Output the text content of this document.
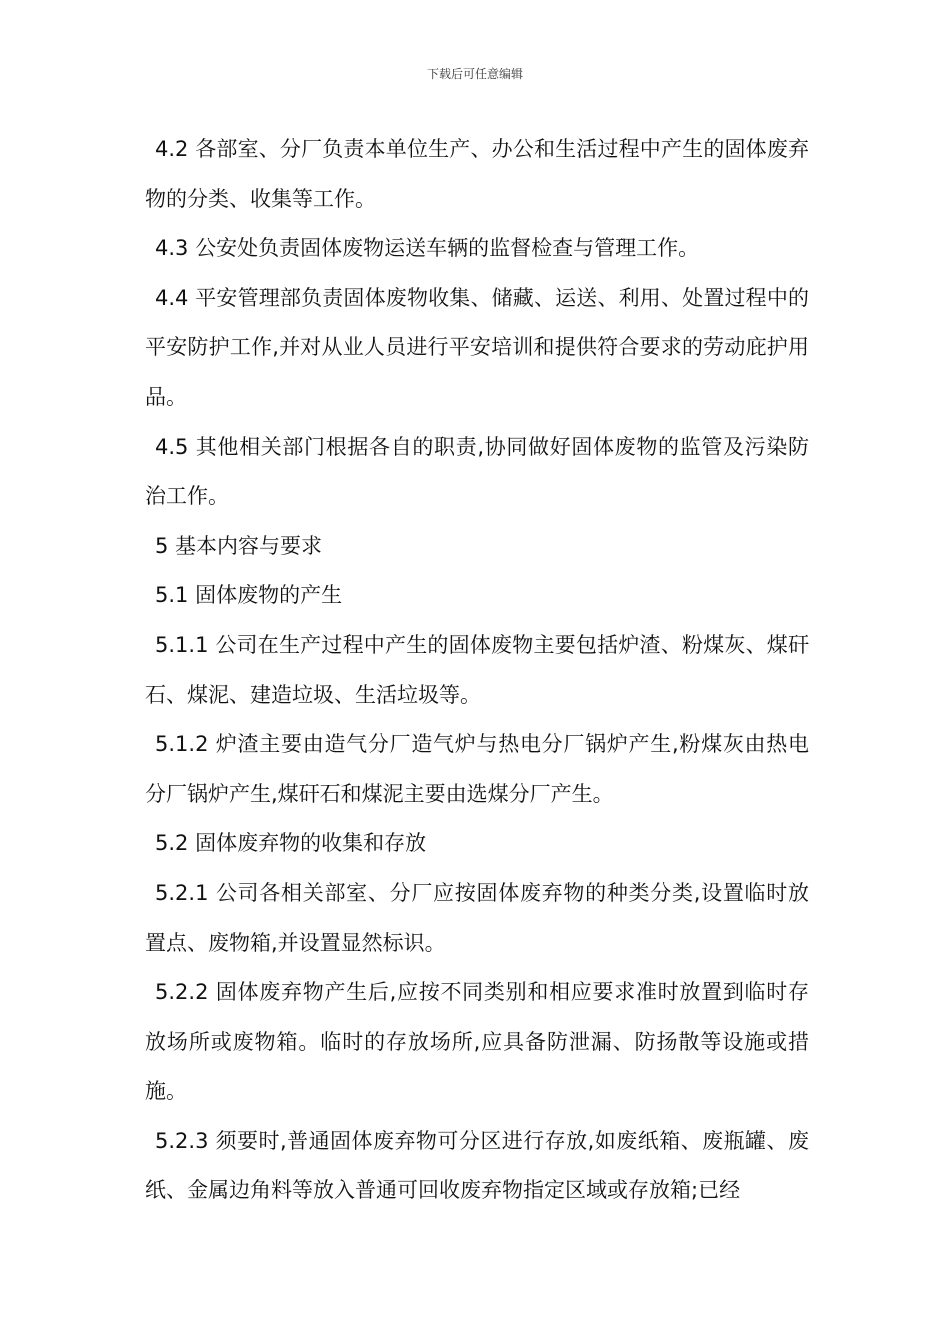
下载后可任意编辑

4.2 各部室、分厂负责本单位生产、办公和生活过程中产生的固体废弃物的分类、收集等工作。

4.3 公安处负责固体废物运送车辆的监督检查与管理工作。

4.4 平安管理部负责固体废物收集、储藏、运送、利用、处置过程中的平安防护工作,并对从业人员进行平安培训和提供符合要求的劳动庇护用品。

4.5 其他相关部门根据各自的职责,协同做好固体废物的监管及污染防治工作。

5 基本内容与要求

5.1 固体废物的产生

5.1.1 公司在生产过程中产生的固体废物主要包括炉渣、粉煤灰、煤矸石、煤泥、建造垃圾、生活垃圾等。

5.1.2 炉渣主要由造气分厂造气炉与热电分厂锅炉产生,粉煤灰由热电分厂锅炉产生,煤矸石和煤泥主要由选煤分厂产生。

5.2 固体废弃物的收集和存放

5.2.1 公司各相关部室、分厂应按固体废弃物的种类分类,设置临时放置点、废物箱,并设置显然标识。

5.2.2 固体废弃物产生后,应按不同类别和相应要求准时放置到临时存放场所或废物箱。临时的存放场所,应具备防泄漏、防扬散等设施或措施。

5.2.3 须要时,普通固体废弃物可分区进行存放,如废纸箱、废瓶罐、废纸、金属边角料等放入普通可回收废弃物指定区域或存放箱;已经
